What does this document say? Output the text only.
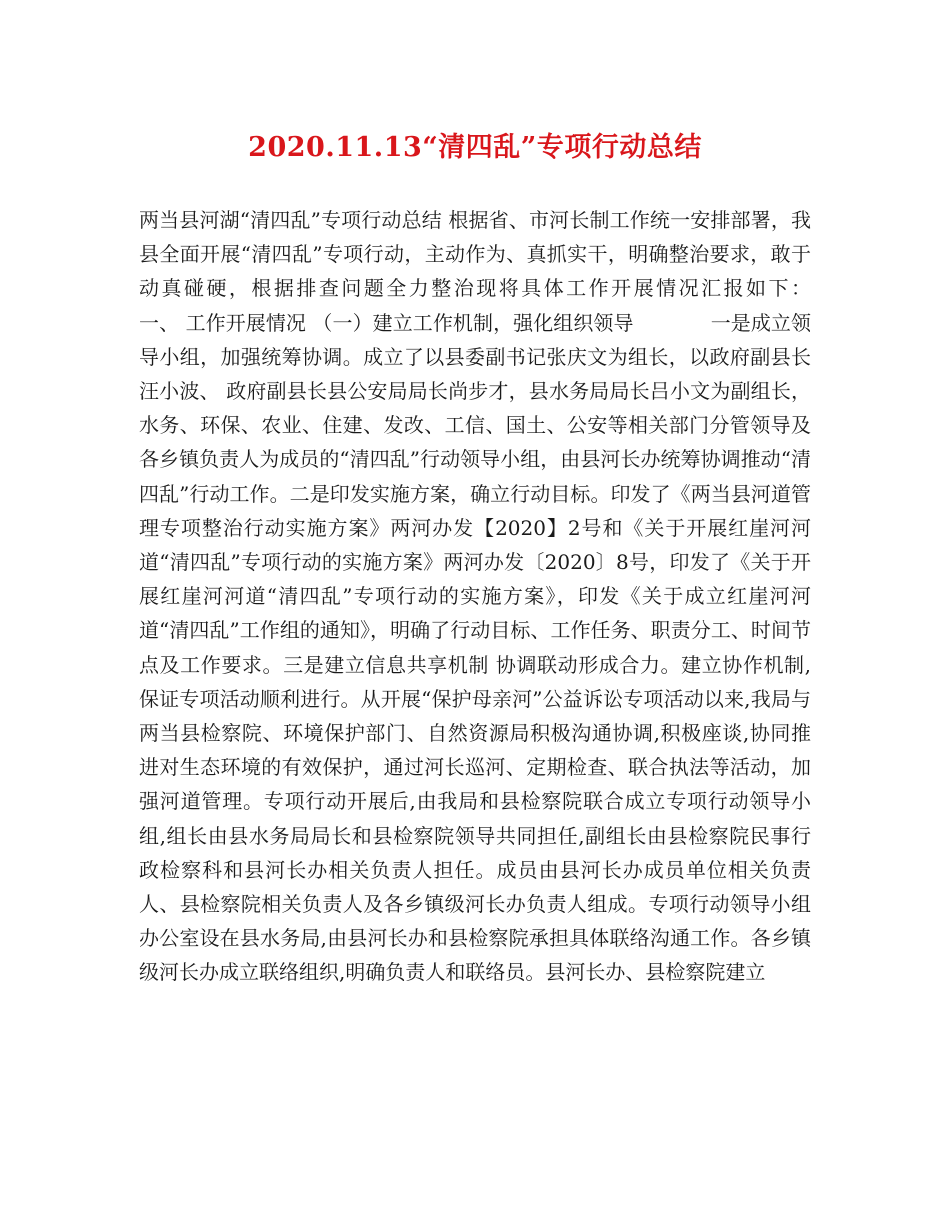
2020.11.13“清四乱”专项行动总结

两当县河湖“清四乱”专项行动总结 根据省、市河长制工作统一安排部署，我县全面开展“清四乱”专项行动，主动作为、真抓实干，明确整治要求，敢于动真碰硬，根据排查问题全力整治现将具体工作开展情况汇报如下：            一、 工作开展情况 （一）建立工作机制，强化组织领导            一是成立领导小组，加强统筹协调。成立了以县委副书记张庆文为组长，以政府副县长汪小波、 政府副县长县公安局局长尚步才，县水务局局长吕小文为副组长，水务、环保、农业、住建、发改、工信、国土、公安等相关部门分管领导及各乡镇负责人为成员的“清四乱”行动领导小组，由县河长办统筹协调推动“清四乱”行动工作。二是印发实施方案，确立行动目标。印发了《两当县河道管理专项整治行动实施方案》两河办发【2020】2号和《关于开展红崖河河道“清四乱”专项行动的实施方案》两河办发〔2020〕8号，印发了《关于开展红崖河河道“清四乱”专项行动的实施方案》，印发《关于成立红崖河河道“清四乱”工作组的通知》，明确了行动目标、工作任务、职责分工、时间节点及工作要求。三是建立信息共享机制 协调联动形成合力。建立协作机制,保证专项活动顺利进行。从开展“保护母亲河”公益诉讼专项活动以来,我局与两当县检察院、环境保护部门、自然资源局积极沟通协调,积极座谈,协同推进对生态环境的有效保护，通过河长巡河、定期检查、联合执法等活动，加强河道管理。专项行动开展后,由我局和县检察院联合成立专项行动领导小组,组长由县水务局局长和县检察院领导共同担任,副组长由县检察院民事行政检察科和县河长办相关负责人担任。成员由县河长办成员单位相关负责人、县检察院相关负责人及各乡镇级河长办负责人组成。专项行动领导小组办公室设在县水务局,由县河长办和县检察院承担具体联络沟通工作。各乡镇级河长办成立联络组织,明确负责人和联络员。县河长办、县检察院建立
